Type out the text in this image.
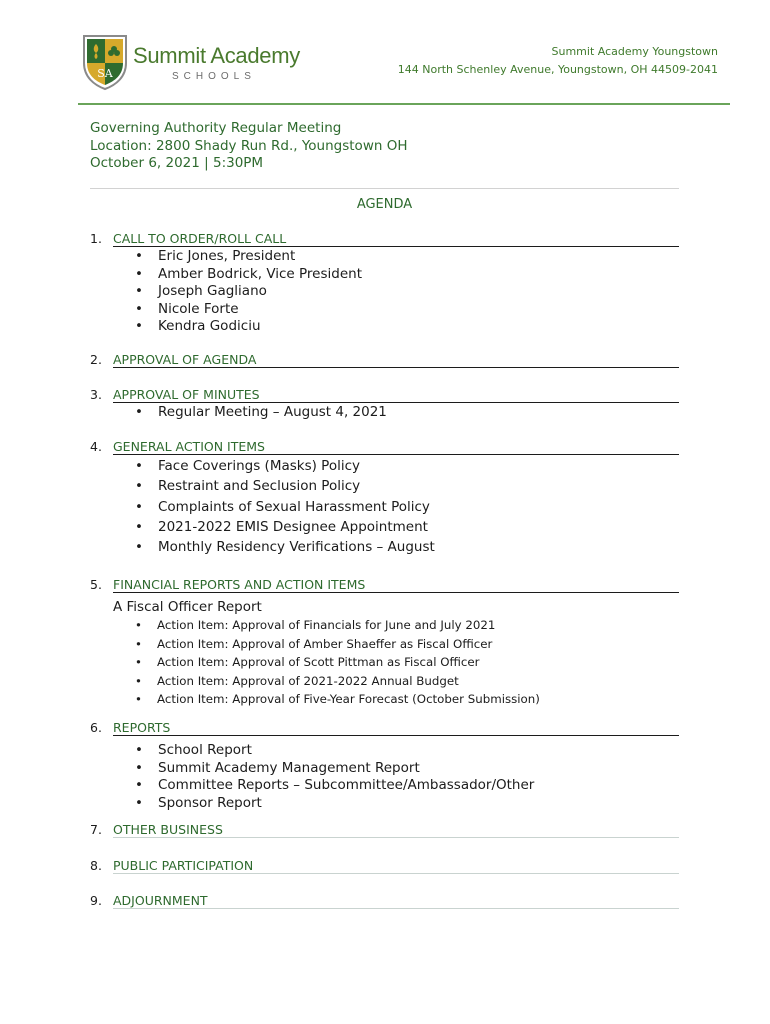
SA
Summit Academy
SCHOOLS
Summit Academy Youngstown
144 North Schenley Avenue, Youngstown, OH 44509-2041
Governing Authority Regular Meeting
Location: 2800 Shady Run Rd., Youngstown OH
October 6, 2021 | 5:30PM
AGENDA
1. CALL TO ORDER/ROLL CALL
• Eric Jones, President
• Amber Bodrick, Vice President
• Joseph Gagliano
• Nicole Forte
• Kendra Godiciu
2. APPROVAL OF AGENDA
3. APPROVAL OF MINUTES
• Regular Meeting – August 4, 2021
4. GENERAL ACTION ITEMS
• Face Coverings (Masks) Policy
• Restraint and Seclusion Policy
• Complaints of Sexual Harassment Policy
• 2021-2022 EMIS Designee Appointment
• Monthly Residency Verifications – August
5. FINANCIAL REPORTS AND ACTION ITEMS
A Fiscal Officer Report
• Action Item: Approval of Financials for June and July 2021
• Action Item: Approval of Amber Shaeffer as Fiscal Officer
• Action Item: Approval of Scott Pittman as Fiscal Officer
• Action Item: Approval of 2021-2022 Annual Budget
• Action Item: Approval of Five-Year Forecast (October Submission)
6. REPORTS
• School Report
• Summit Academy Management Report
• Committee Reports – Subcommittee/Ambassador/Other
• Sponsor Report
7. OTHER BUSINESS
8. PUBLIC PARTICIPATION
9. ADJOURNMENT
